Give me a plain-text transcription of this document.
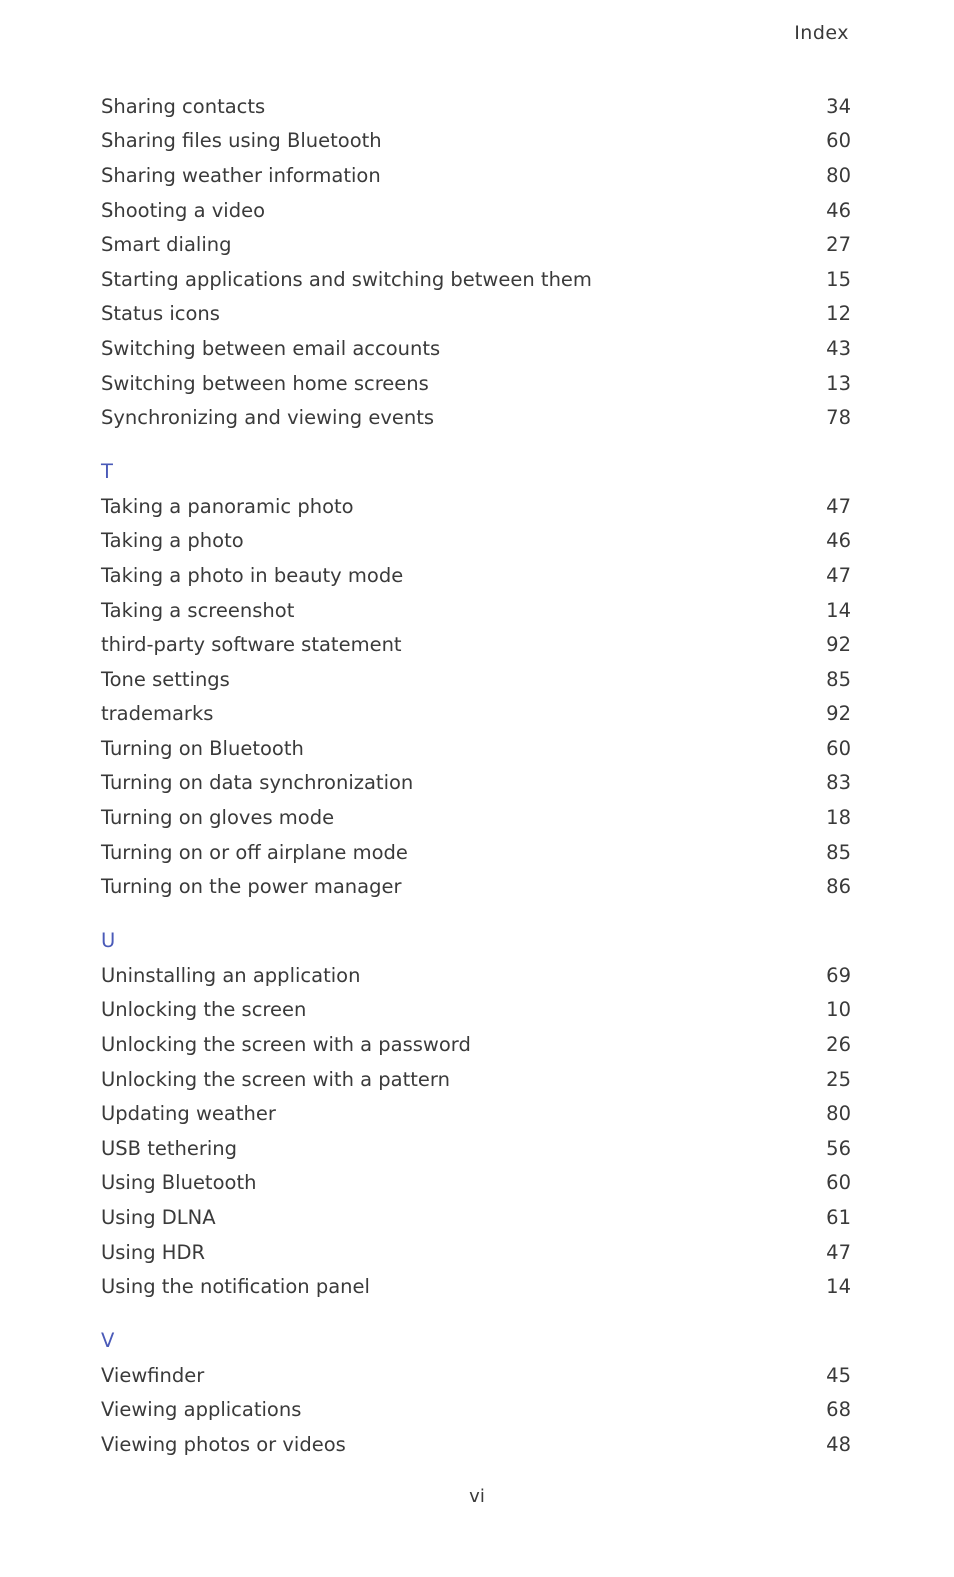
Index
Sharing contacts	34
Sharing files using Bluetooth	60
Sharing weather information	80
Shooting a video	46
Smart dialing	27
Starting applications and switching between them	15
Status icons	12
Switching between email accounts	43
Switching between home screens	13
Synchronizing and viewing events	78
T
Taking a panoramic photo	47
Taking a photo	46
Taking a photo in beauty mode	47
Taking a screenshot	14
third-party software statement	92
Tone settings	85
trademarks	92
Turning on Bluetooth	60
Turning on data synchronization	83
Turning on gloves mode	18
Turning on or off airplane mode	85
Turning on the power manager	86
U
Uninstalling an application	69
Unlocking the screen	10
Unlocking the screen with a password	26
Unlocking the screen with a pattern	25
Updating weather	80
USB tethering	56
Using Bluetooth	60
Using DLNA	61
Using HDR	47
Using the notification panel	14
V
Viewfinder	45
Viewing applications	68
Viewing photos or videos	48
vi
